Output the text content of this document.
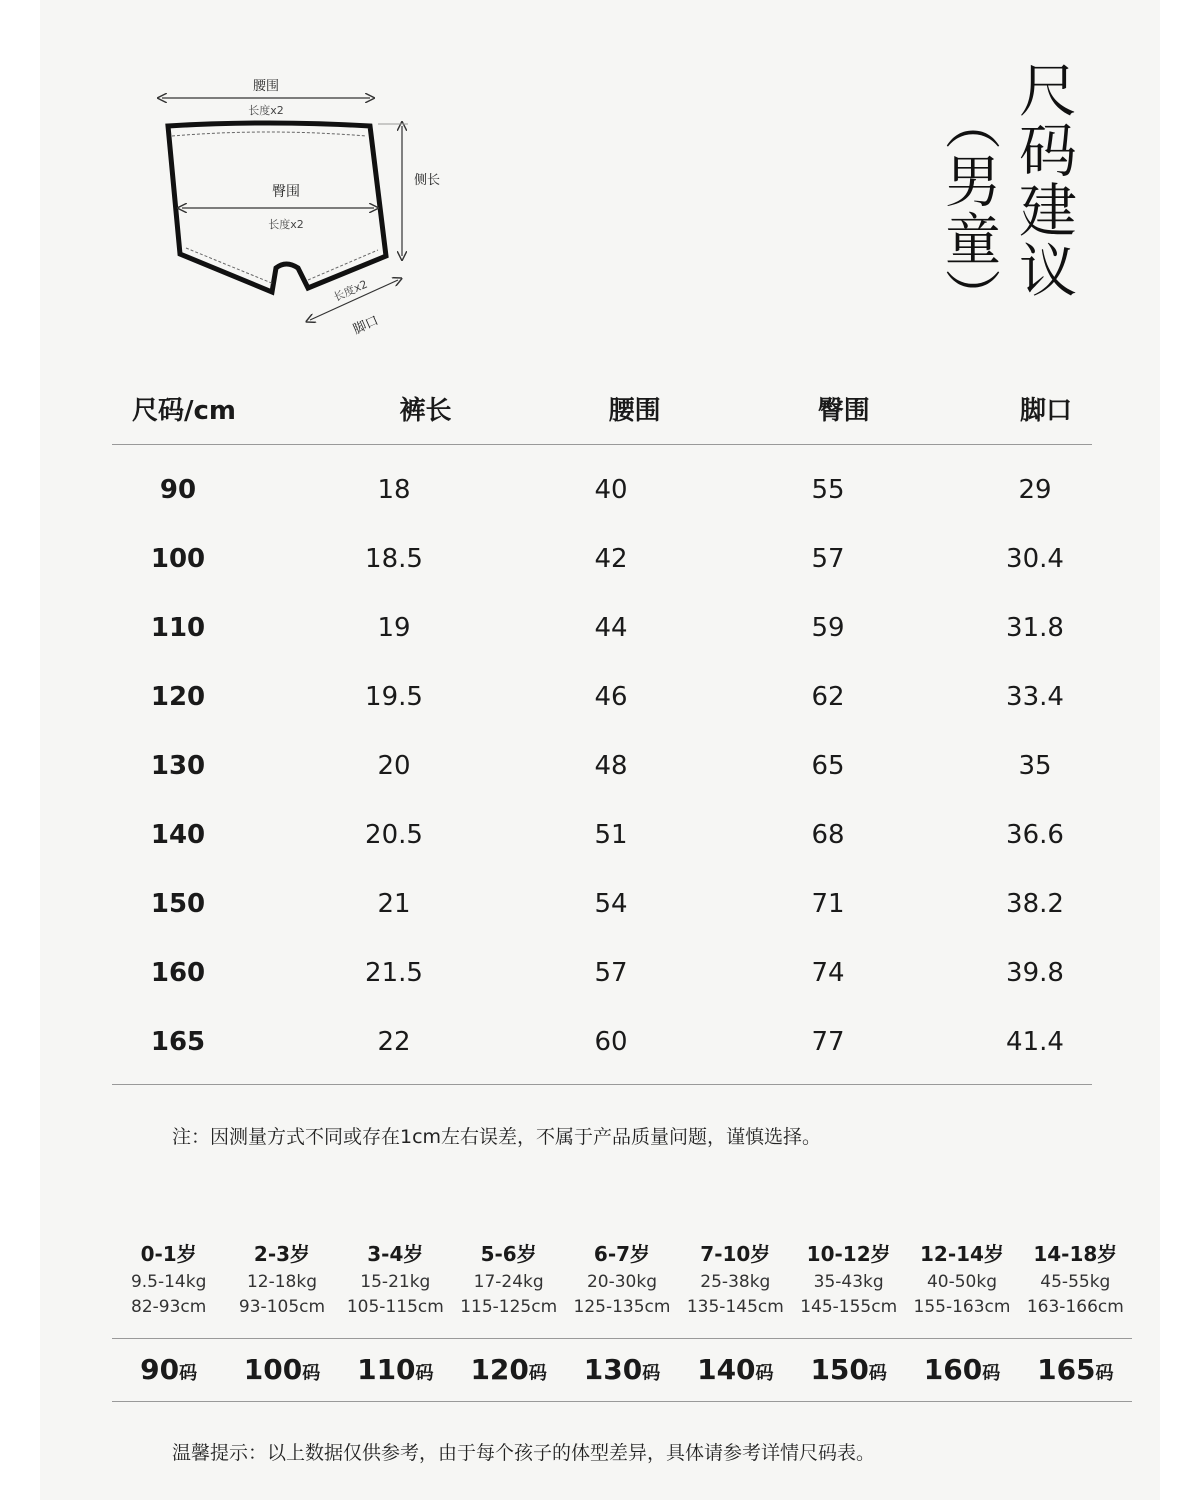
腰围
长度x2
臀围
长度x2
侧长
长度x2
脚口	（男童） 尺码建议
尺码/cm	裤长	腰围	臀围	脚口
90	18	40	55	29
100	18.5	42	57	30.4
110	19	44	59	31.8
120	19.5	46	62	33.4
130	20	48	65	35
140	20.5	51	68	36.6
150	21	54	71	38.2
160	21.5	57	74	39.8
165	22	60	77	41.4
注：因测量方式不同或存在1cm左右误差，不属于产品质量问题，谨慎选择。
0-1岁	2-3岁	3-4岁	5-6岁	6-7岁	7-10岁	10-12岁	12-14岁	14-18岁
9.5-14kg	12-18kg	15-21kg	17-24kg	20-30kg	25-38kg	35-43kg	40-50kg	45-55kg
82-93cm	93-105cm	105-115cm 115-125cm 125-135cm 135-145cm 145-155cm 155-163cm 163-166cm
90码	100码	110码	120码	130码	140码	150码	160码	165码
温馨提示：以上数据仅供参考，由于每个孩子的体型差异，具体请参考详情尺码表。
